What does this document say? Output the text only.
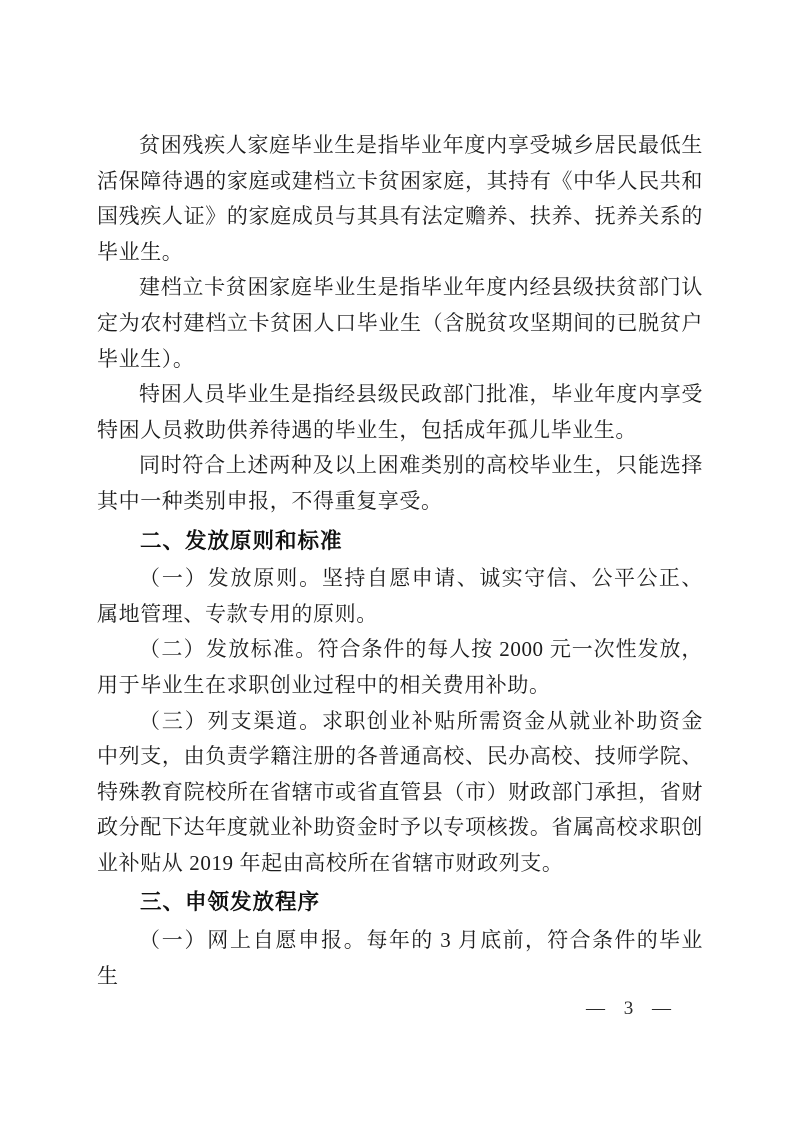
贫困残疾人家庭毕业生是指毕业年度内享受城乡居民最低生活保障待遇的家庭或建档立卡贫困家庭，其持有《中华人民共和国残疾人证》的家庭成员与其具有法定赡养、扶养、抚养关系的毕业生。

建档立卡贫困家庭毕业生是指毕业年度内经县级扶贫部门认定为农村建档立卡贫困人口毕业生（含脱贫攻坚期间的已脱贫户毕业生）。

特困人员毕业生是指经县级民政部门批准，毕业年度内享受特困人员救助供养待遇的毕业生，包括成年孤儿毕业生。

同时符合上述两种及以上困难类别的高校毕业生，只能选择其中一种类别申报，不得重复享受。

二、发放原则和标准

（一）发放原则。坚持自愿申请、诚实守信、公平公正、属地管理、专款专用的原则。

（二）发放标准。符合条件的每人按 2000 元一次性发放，用于毕业生在求职创业过程中的相关费用补助。

（三）列支渠道。求职创业补贴所需资金从就业补助资金中列支，由负责学籍注册的各普通高校、民办高校、技师学院、特殊教育院校所在省辖市或省直管县（市）财政部门承担，省财政分配下达年度就业补助资金时予以专项核拨。省属高校求职创业补贴从 2019 年起由高校所在省辖市财政列支。

三、申领发放程序

（一）网上自愿申报。每年的 3 月底前，符合条件的毕业生

— 3 —
